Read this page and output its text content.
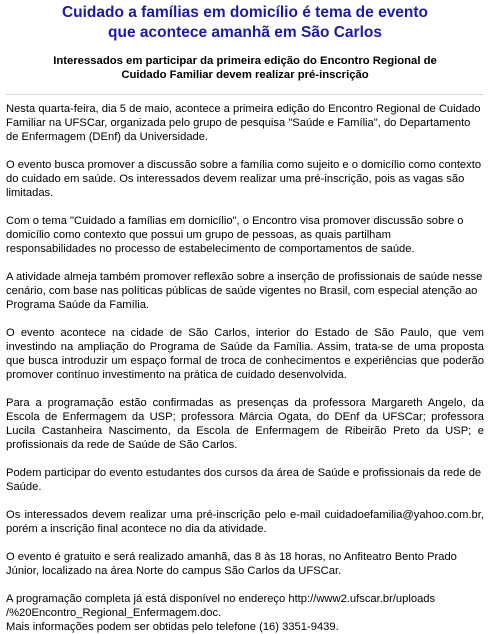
Cuidado a famílias em domicílio é tema de evento
que acontece amanhã em São Carlos

Interessados em participar da primeira edição do Encontro Regional de
Cuidado Familiar devem realizar pré-inscrição

Nesta quarta-feira, dia 5 de maio, acontece a primeira edição do Encontro Regional de Cuidado Familiar na UFSCar, organizada pelo grupo de pesquisa "Saúde e Família", do Departamento de Enfermagem (DEnf) da Universidade.

O evento busca promover a discussão sobre a família como sujeito e o domicílio como contexto do cuidado em saúde. Os interessados devem realizar uma pré-inscrição, pois as vagas são limitadas.

Com o tema "Cuidado a famílias em domicílio", o Encontro visa promover discussão sobre o domicílio como contexto que possui um grupo de pessoas, as quais partilham responsabilidades no processo de estabelecimento de comportamentos de saúde.

A atividade almeja também promover reflexão sobre a inserção de profissionais de saúde nesse cenário, com base nas políticas públicas de saúde vigentes no Brasil, com especial atenção ao Programa Saúde da Família.

O evento acontece na cidade de São Carlos, interior do Estado de São Paulo, que vem investindo na ampliação do Programa de Saúde da Família. Assim, trata-se de uma proposta que busca introduzir um espaço formal de troca de conhecimentos e experiências que poderão promover contínuo investimento na prática de cuidado desenvolvida.

Para a programação estão confirmadas as presenças da professora Margareth Angelo, da Escola de Enfermagem da USP; professora Márcia Ogata, do DEnf da UFSCar; professora Lucila Castanheira Nascimento, da Escola de Enfermagem de Ribeirão Preto da USP; e profissionais da rede de Saúde de São Carlos.

Podem participar do evento estudantes dos cursos da área de Saúde e profissionais da rede de Saúde.

Os interessados devem realizar uma pré-inscrição pelo e-mail cuidadoefamilia@yahoo.com.br, porém a inscrição final acontece no dia da atividade.

O evento é gratuito e será realizado amanhã, das 8 às 18 horas, no Anfiteatro Bento Prado Júnior, localizado na área Norte do campus São Carlos da UFSCar.

A programação completa já está disponível no endereço http://www2.ufscar.br/uploads
/%20Encontro_Regional_Enfermagem.doc.
Mais informações podem ser obtidas pelo telefone (16) 3351-9439.
